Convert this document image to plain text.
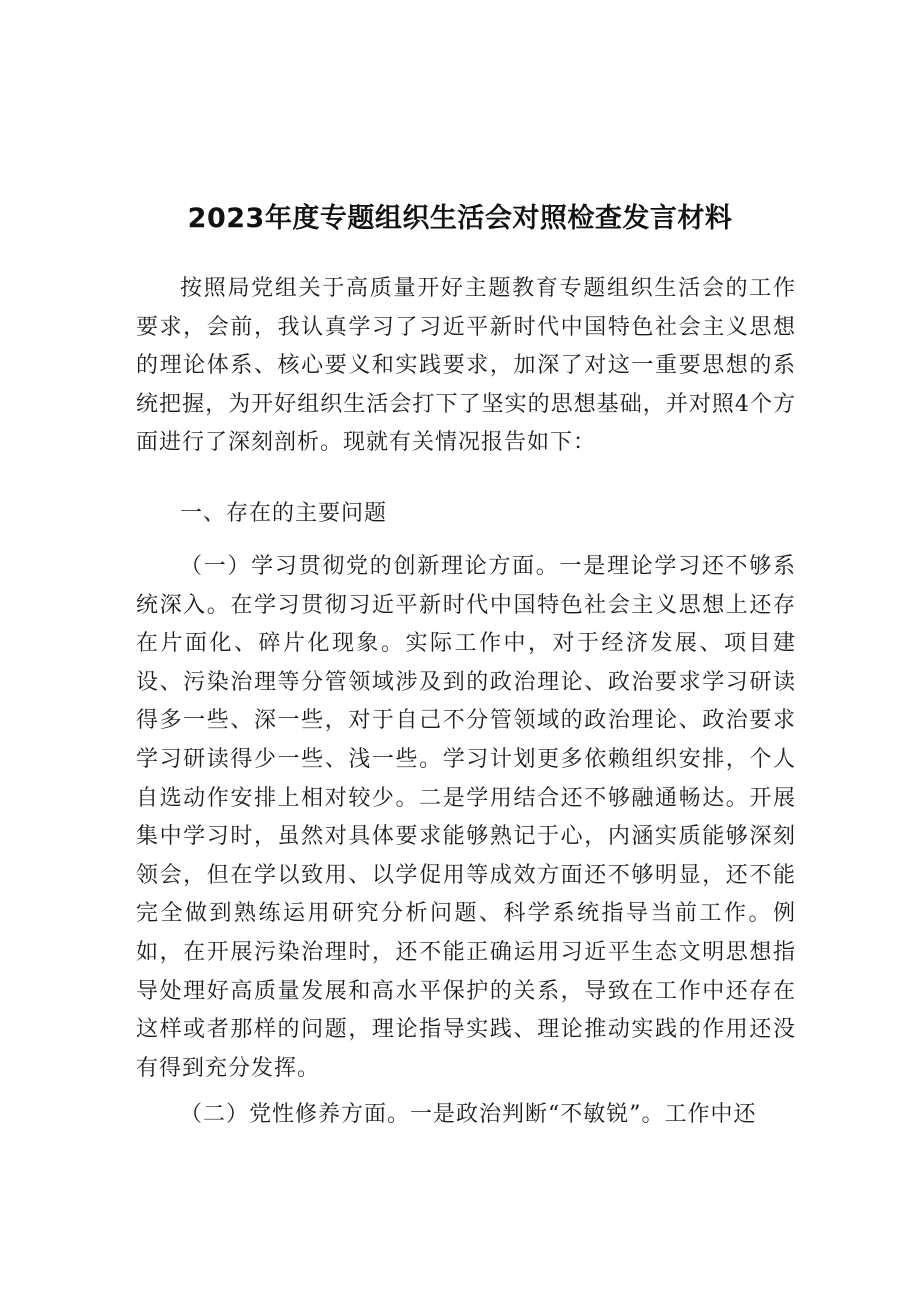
2023年度专题组织生活会对照检查发言材料
按照局党组关于高质量开好主题教育专题组织生活会的工作要求，会前，我认真学习了习近平新时代中国特色社会主义思想的理论体系、核心要义和实践要求，加深了对这一重要思想的系统把握，为开好组织生活会打下了坚实的思想基础，并对照4个方面进行了深刻剖析。现就有关情况报告如下：
一、存在的主要问题
（一）学习贯彻党的创新理论方面。一是理论学习还不够系统深入。在学习贯彻习近平新时代中国特色社会主义思想上还存在片面化、碎片化现象。实际工作中，对于经济发展、项目建设、污染治理等分管领域涉及到的政治理论、政治要求学习研读得多一些、深一些，对于自己不分管领域的政治理论、政治要求学习研读得少一些、浅一些。学习计划更多依赖组织安排，个人自选动作安排上相对较少。二是学用结合还不够融通畅达。开展集中学习时，虽然对具体要求能够熟记于心，内涵实质能够深刻领会，但在学以致用、以学促用等成效方面还不够明显，还不能完全做到熟练运用研究分析问题、科学系统指导当前工作。例如，在开展污染治理时，还不能正确运用习近平生态文明思想指导处理好高质量发展和高水平保护的关系，导致在工作中还存在这样或者那样的问题，理论指导实践、理论推动实践的作用还没有得到充分发挥。
（二）党性修养方面。一是政治判断“不敏锐”。工作中还
